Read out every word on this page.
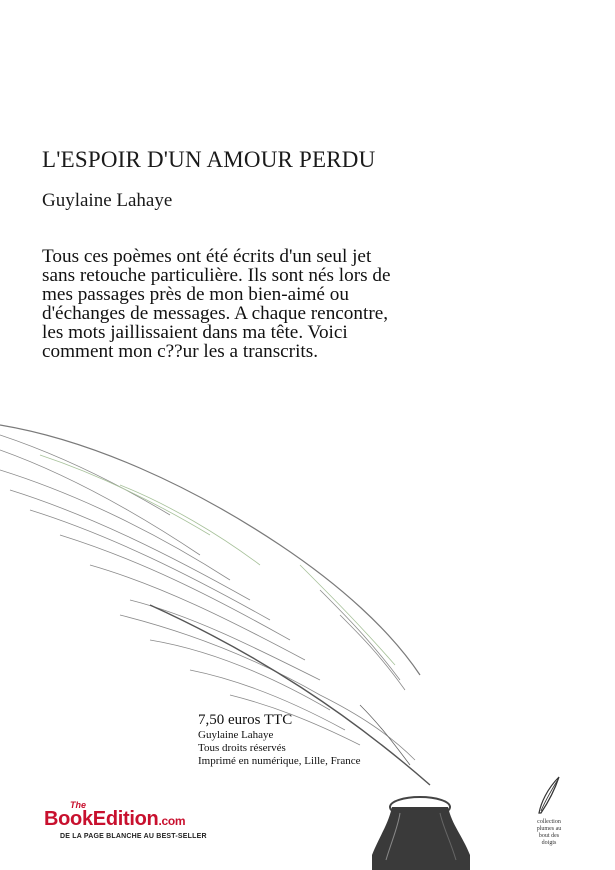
L'ESPOIR D'UN AMOUR PERDU
Guylaine Lahaye
Tous ces poèmes ont été écrits d'un seul jet
sans retouche particulière. Ils sont nés lors de
mes passages près de mon bien-aimé ou
d'échanges de messages. A chaque rencontre,
les mots jaillissaient dans ma tête. Voici
comment mon c??ur les a transcrits.
7,50 euros TTC
Guylaine Lahaye
Tous droits réservés
Imprimé en numérique, Lille, France
The
BookEdition.com
DE LA PAGE BLANCHE AU BEST-SELLER
collection
plumes au
bout des
doigts
